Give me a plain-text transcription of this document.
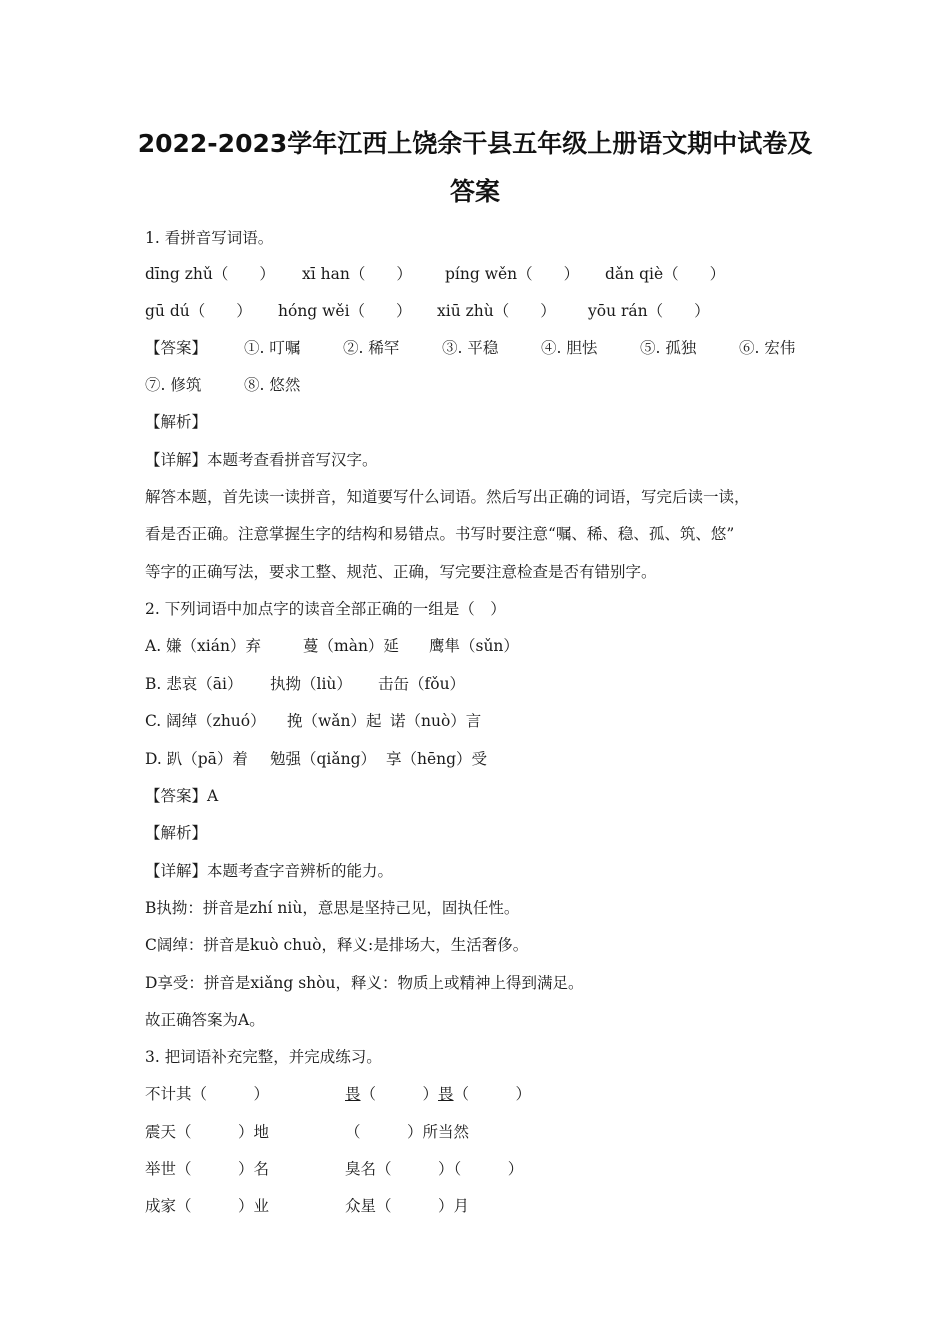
2022-2023学年江西上饶余干县五年级上册语文期中试卷及
答案
1. 看拼音写词语。
dīng zhǔ（　　） xī han（　　） píng wěn（　　） dǎn qiè（　　）
gū dú（　　） hóng wěi（　　） xiū zhù（　　） yōu rán（　　）
【答案】 ①. 叮嘱	②. 稀罕	③. 平稳	④. 胆怯	⑤. 孤独	⑥. 宏伟
⑦. 修筑	⑧. 悠然
【解析】
【详解】本题考查看拼音写汉字。
解答本题，首先读一读拼音，知道要写什么词语。然后写出正确的词语，写完后读一读，
看是否正确。注意掌握生字的结构和易错点。书写时要注意“嘱、稀、稳、孤、筑、悠”
等字的正确写法，要求工整、规范、正确，写完要注意检查是否有错别字。
2. 下列词语中加点字的读音全部正确的一组是（　）
A. 嫌（xián）弃	蔓（màn）延 鹰隼（sǔn）
B. 悲哀（āi） 执拗（liù） 击缶（fǒu）
C. 阔绰（zhuó） 挽（wǎn）起 诺（nuò）言
D. 趴（pā）着 勉强（qiǎng） 享（hēng）受
【答案】A
【解析】
【详解】本题考查字音辨析的能力。
B执拗：拼音是zhí niù，意思是坚持己见，固执任性。
C阔绰：拼音是kuò chuò，释义:是排场大，生活奢侈。
D享受：拼音是xiǎng shòu，释义：物质上或精神上得到满足。
故正确答案为A。
3. 把词语补充完整，并完成练习。
不计其（　　　）	畏（　　　）畏（　　　）
震天（　　　）地	（　　　）所当然
举世（　　　）名	臭名（　　　）（　　　）
成家（　　　）业	众星（　　　）月
